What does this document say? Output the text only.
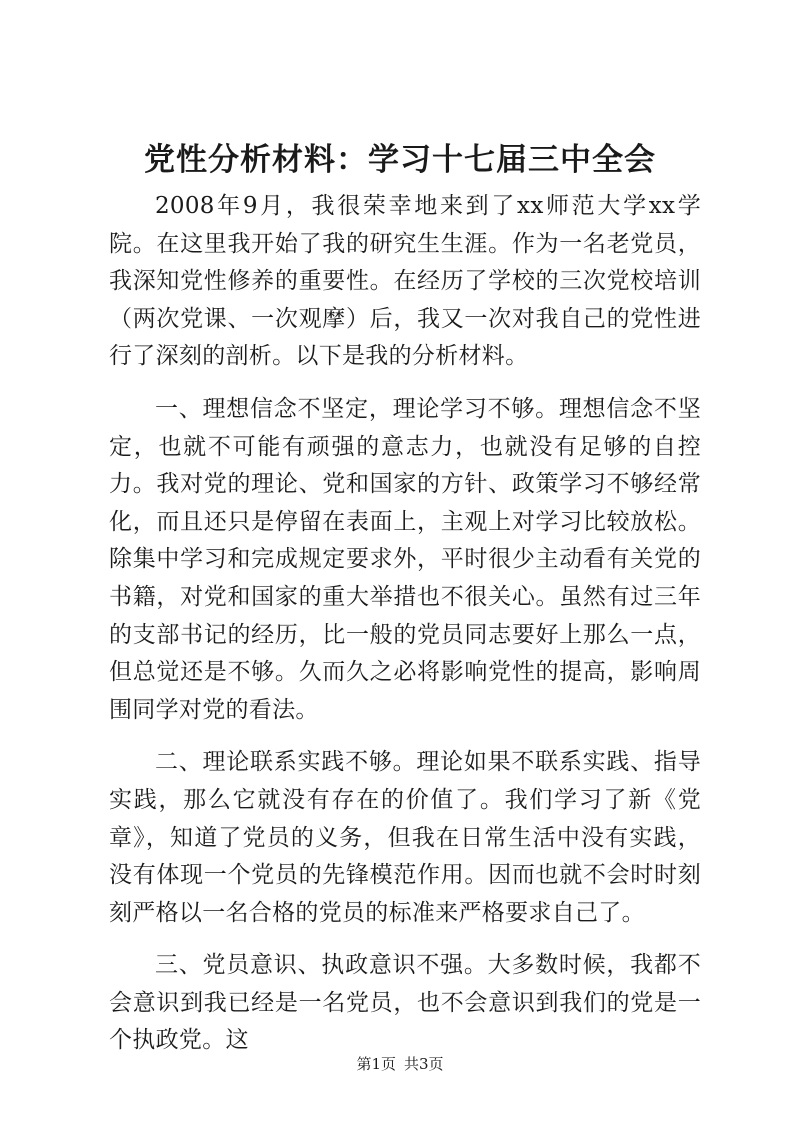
党性分析材料：学习十七届三中全会

2008年9月，我很荣幸地来到了xx师范大学xx学院。在这里我开始了我的研究生生涯。作为一名老党员，我深知党性修养的重要性。在经历了学校的三次党校培训（两次党课、一次观摩）后，我又一次对我自己的党性进行了深刻的剖析。以下是我的分析材料。

一、理想信念不坚定，理论学习不够。理想信念不坚定，也就不可能有顽强的意志力，也就没有足够的自控力。我对党的理论、党和国家的方针、政策学习不够经常化，而且还只是停留在表面上，主观上对学习比较放松。除集中学习和完成规定要求外，平时很少主动看有关党的书籍，对党和国家的重大举措也不很关心。虽然有过三年的支部书记的经历，比一般的党员同志要好上那么一点，但总觉还是不够。久而久之必将影响党性的提高，影响周围同学对党的看法。

二、理论联系实践不够。理论如果不联系实践、指导实践，那么它就没有存在的价值了。我们学习了新《党章》，知道了党员的义务，但我在日常生活中没有实践，没有体现一个党员的先锋模范作用。因而也就不会时时刻刻严格以一名合格的党员的标准来严格要求自己了。

三、党员意识、执政意识不强。大多数时候，我都不会意识到我已经是一名党员，也不会意识到我们的党是一个执政党。这

第1页 共3页
